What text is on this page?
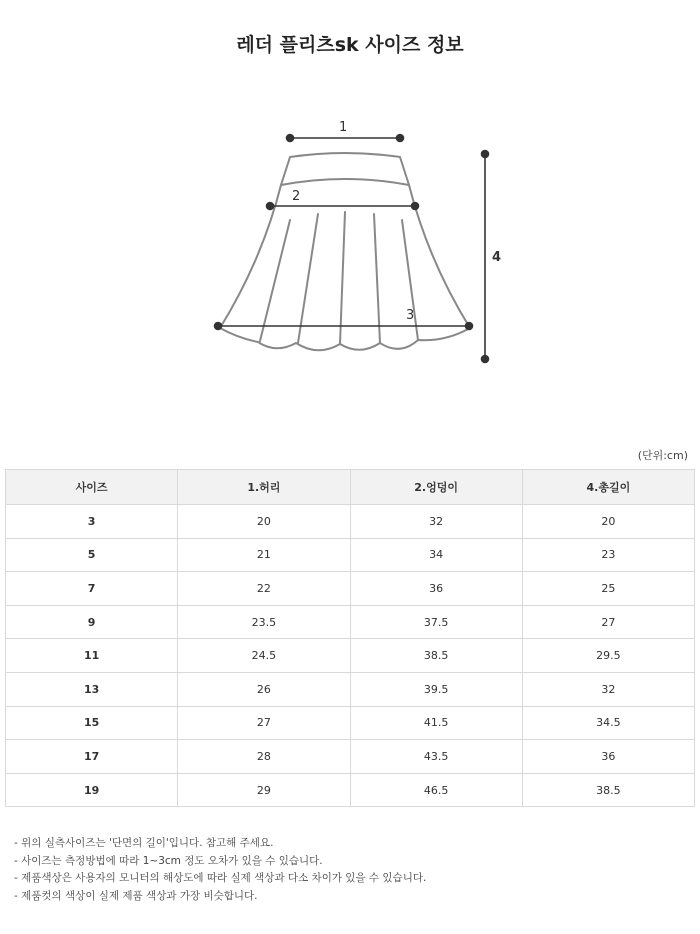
레더 플리츠sk 사이즈 정보
1
2
3
4
(단위:cm)
사이즈	1.허리	2.엉덩이	4.총길이
3	20	32	20
5	21	34	23
7	22	36	25
9	23.5	37.5	27
11	24.5	38.5	29.5
13	26	39.5	32
15	27	41.5	34.5
17	28	43.5	36
19	29	46.5	38.5
- 위의 실측사이즈는 '단면의 길이'입니다. 참고해 주세요.
- 사이즈는 측정방법에 따라 1~3cm 정도 오차가 있을 수 있습니다.
- 제품색상은 사용자의 모니터의 해상도에 따라 실제 색상과 다소 차이가 있을 수 있습니다.
- 제품컷의 색상이 실제 제품 색상과 가장 비슷합니다.
